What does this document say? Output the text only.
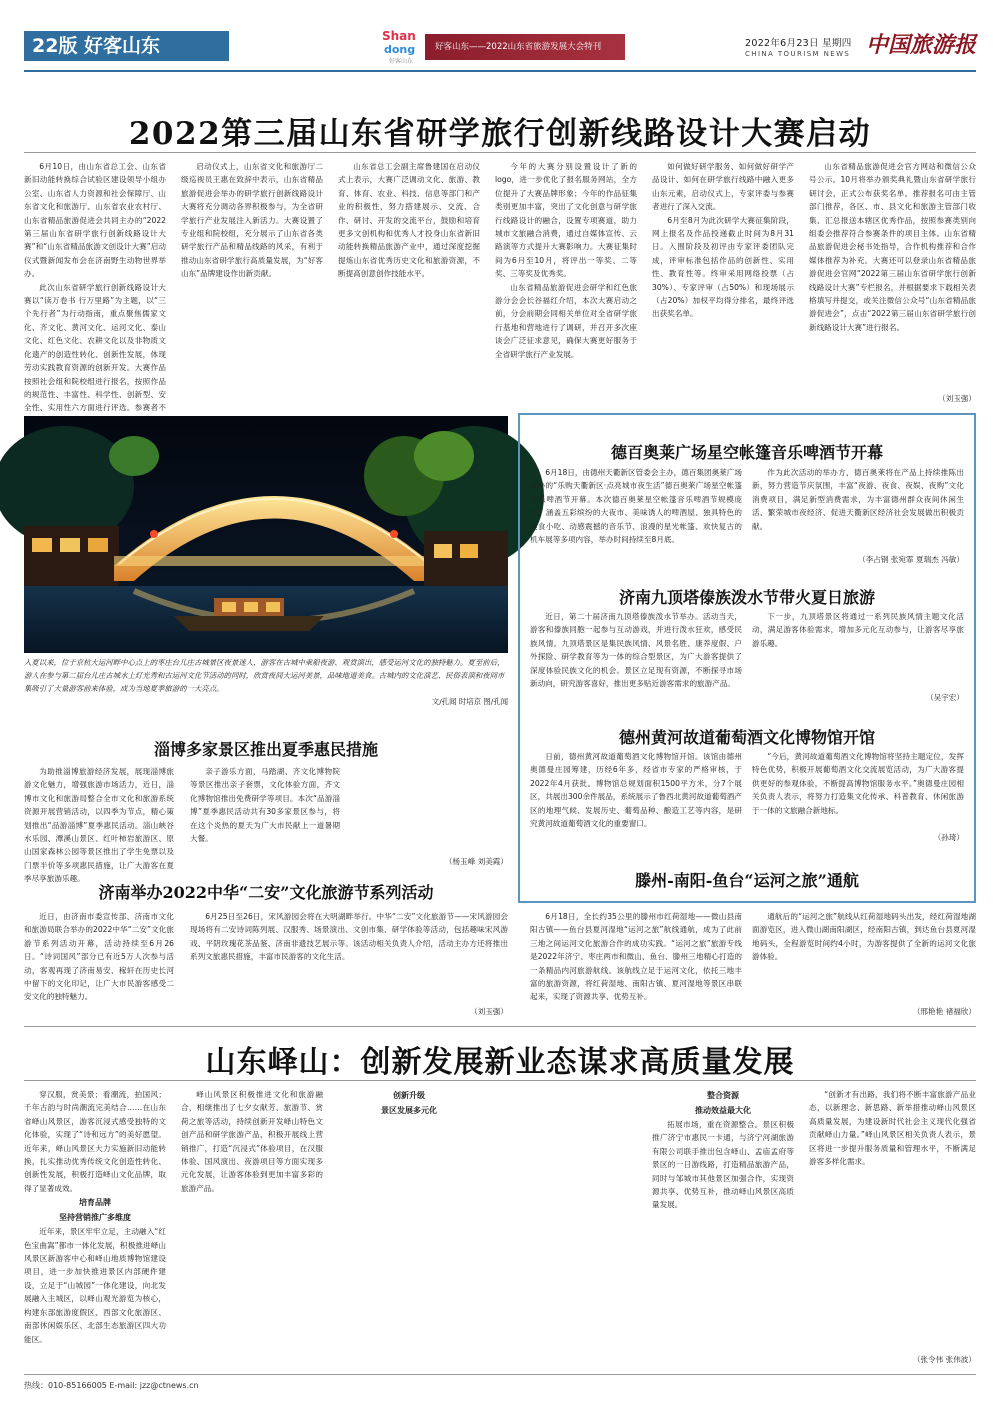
22版 好客山东	Shan
dong
好客山东
好客山东——2022山东省旅游发展大会特刊	2022年6月23日 星期四
CHINA TOURISM NEWS 中国旅游报
2022第三届山东省研学旅行创新线路设计大赛启动

6月10日，由山东省总工会、山东省新旧动能转换综合试验区建设领导小组办公室、山东省人力资源和社会保障厅、山东省文化和旅游厅、山东省农业农村厅、山东省精品旅游促进会共同主办的“2022第三届山东省研学旅行创新线路设计大赛”和“山东省精品旅游文创设计大赛”启动仪式暨新闻发布会在济南野生动物世界举办。

此次山东省研学旅行创新线路设计大赛以“读万卷书 行万里路”为主题，以“三个先行者”为行动指南，重点聚焦儒家文化、齐文化、黄河文化、运河文化、泰山文化、红色文化、农耕文化以及非物质文化遗产的创造性转化、创新性发展，体现劳动实践教育资源的创新开发。大赛作品按照社会组和院校组进行报名，按照作品的规范性、丰富性、科学性、创新型、安全性、实用性六方面进行评选。参赛者不

启动仪式上，山东省文化和旅游厅二级巡视员王惠在致辞中表示，山东省精品旅游促进会举办的研学旅行创新线路设计大赛将充分调动各界积极参与，为全省研学旅行产业发展注入新活力。大赛设置了专业组和院校组，充分展示了山东省各类研学旅行产品和精品线路的风采，有利于推动山东省研学旅行高质量发展，为“好客山东”品牌建设作出新贡献。

山东省总工会副主席鲁建国在启动仪式上表示，大赛广泛调动文化、旅游、教育、体育、农业、科技、信息等部门和产业的积极性，努力搭建展示、交流、合作、研讨、开发的交流平台，鼓励和培育更多文创机构和优秀人才投身山东省新旧动能转换精品旅游产业中，通过深度挖掘提炼山东省优秀历史文化和旅游资源，不断提高创意创作技能水平。

今年的大赛分别设置设计了新的logo，进一步优化了报名服务网站，全方位提升了大赛品牌形象；今年的作品征集类别更加丰富，突出了文化创意与研学旅行线路设计的融合，设置专项赛道，助力城市文旅融合消费，通过自媒体宣传、云路演等方式提升大赛影响力。大赛征集时间为6月至10月，将评出一等奖、二等奖、三等奖及优秀奖。

山东省精品旅游促进会研学和红色旅游分会会长谷福红介绍，本次大赛启动之前，分会前期会同相关单位对全省研学旅行基地和营地进行了调研，并召开多次座谈会广泛征求意见，确保大赛更好服务于全省研学旅行产业发展。

如何做好研学服务、如何做好研学产品设计、如何在研学旅行线路中融入更多山东元素，启动仪式上，专家评委与参赛者进行了深入交流。

6月至8月为此次研学大赛征集阶段，网上报名及作品投递截止时间为8月31日。入围阶段及初评由专家评委团队完成，评审标准包括作品的创新性、实用性、教育性等。终审采用网络投票（占30%）、专家评审（占50%）和现场展示（占20%）加权平均得分排名，最终评选出获奖名单。

山东省精品旅游促进会官方网站和微信公众号公示。10月将举办颁奖典礼暨山东省研学旅行研讨会，正式公布获奖名单。推荐报名可由主管部门推荐，各区、市、县文化和旅游主管部门收集、汇总报送本辖区优秀作品，按照参赛类别向组委会推荐符合参赛条件的项目主体。山东省精品旅游促进会秘书处指导，合作机构推荐和合作媒体推荐为补充。大赛还可以登录山东省精品旅游促进会官网“2022第三届山东省研学旅行创新线路设计大赛”专栏报名，并根据要求下载相关表格填写并提交，或关注微信公众号“山东省精品旅游促进会”，点击“2022第三届山东省研学旅行创新线路设计大赛”进行报名。

（刘玉强）
入夏以来，位于京杭大运河畔中心点上的枣庄台儿庄古城景区夜景迷人，游客在古城中乘船夜游、观赏演出，感受运河文化的独特魅力。夏至前后，游人在参与第二届台儿庄古城水上灯光秀和古运河文化节活动的同时，欣赏夜间大运河美景，品味地道美食。古城内的文化演艺、民俗表演和夜间市集吸引了大量游客前来体验，成为当地夏季旅游的一大亮点。
文/孔闻 时培京 图/孔闻
德百奥莱广场星空帐篷音乐啤酒节开幕

6月18日，由德州天衢新区管委会主办，德百集团奥莱广场承办的“乐购天衢新区·点亮城市夜生活”德百奥莱广场星空帐篷音乐啤酒节开幕。本次德百奥莱星空帐篷音乐啤酒节规模庞大，涵盖五彩缤纷的大夜市、美味诱人的啤酒屋、独具特色的美食小吃、动感震撼的音乐节、浪漫的星光帐篷、欢快复古的机车展等多项内容，举办时间持续至8月底。

作为此次活动的举办方，德百奥莱将在产品上持续推陈出新，努力营造节庆氛围，丰富“夜游、夜食、夜娱、夜购”文化消费项目，满足新型消费需求，为丰富德州群众夜间休闲生活、繁荣城市夜经济、促进天衢新区经济社会发展做出积极贡献。

（李占钢 张宛霏 夏瑞杰 冯敏）
济南九顶塔傣族泼水节带火夏日旅游

近日，第二十届济南九顶塔傣族泼水节举办。活动当天，游客和傣族同胞一起参与互动游戏，并进行泼水狂欢，感受民族风情。九顶塔景区是集民族风情、风景名胜、康养度假、户外探险、研学教育等为一体的综合型景区，为广大游客提供了深度体验民族文化的机会。景区立足现有资源，不断探寻市场新动向，研究游客喜好，推出更多贴近游客需求的旅游产品。

下一步，九顶塔景区将通过一系列民族风情主题文化活动，满足游客体验需求，增加多元化互动参与，让游客尽享旅游乐趣。

（吴宇宏）
德州黄河故道葡萄酒文化博物馆开馆

日前，德州黄河故道葡萄酒文化博物馆开馆。该馆由德州奥德曼庄园筹建，历经6年多，经省市专家的严格审核，于2022年4月获批。博物馆总规划面积1500平方米，分7个展区，共展出300余件展品，系统展示了鲁西北黄河故道葡萄酒产区的地理气候、发展历史、葡萄品种、酿造工艺等内容，是研究黄河故道葡萄酒文化的重要窗口。

“今后，黄河故道葡萄酒文化博物馆将坚持主题定位，发挥特色优势，积极开展葡萄酒文化交流展览活动，为广大游客提供更好的参观体验，不断提高博物馆服务水平。”奥德曼庄园相关负责人表示，将努力打造集文化传承、科普教育、休闲旅游于一体的文旅融合新地标。

（孙琦）
滕州-南阳-鱼台“运河之旅”通航

6月18日，全长约35公里的滕州市红荷湿地——微山县南阳古镇——鱼台县夏河湿地“运河之旅”航线通航，成为了此前三地之间运河文化旅游合作的成功实践。“运河之旅”旅游专线是2022年济宁、枣庄两市和微山、鱼台、滕州三地精心打造的一条精品内河旅游航线。该航线立足于运河文化，依托三地丰富的旅游资源，将红荷湿地、南阳古镇、夏河湿地等景区串联起来，实现了资源共享、优势互补。

通航后的“运河之旅”航线从红荷湿地码头出发，经红荷湿地湖面游览区，进入微山湖南阳湖区，经南阳古镇，到达鱼台县夏河湿地码头，全程游览时间约4小时，为游客提供了全新的运河文化旅游体验。

（邢艳艳 褚福欣）
淄博多家景区推出夏季惠民措施

为助推淄博旅游经济发展，展现淄博旅游文化魅力，增强旅游市场活力，近日，淄博市文化和旅游局整合全市文化和旅游系统资源开展营销活动，以四季为节点，精心策划推出“品游淄博”夏季惠民活动。淄山峡谷水乐园、潭溪山景区、红叶柿岩旅游区、原山国家森林公园等景区推出了学生免票以及门票半价等多项惠民措施，让广大游客在夏季尽享旅游乐趣。

亲子游乐方面，马踏湖、齐文化博物院等景区推出亲子套票，文化体验方面，齐文化博物馆推出免费研学等项目。本次“品游淄博”夏季惠民活动共有30多家景区参与，将在这个炎热的夏天为广大市民献上一道暑期大餐。

（杨玉峰 刘美霞）
济南举办2022中华“二安”文化旅游节系列活动

近日，由济南市委宣传部、济南市文化和旅游局联合举办的2022中华“二安”文化旅游节系列活动开幕，活动持续至6月26日。“诗词国风”部分已有近5万人次参与活动，客观再现了济南易安、稼轩在历史长河中留下的文化印记，让广大市民游客感受二安文化的独特魅力。

6月25日至26日，宋风游园会将在大明湖畔举行。中华“二安”文化旅游节——宋风游园会现场将有二安诗词陈列展、汉服秀、场景演出、文创市集、研学体验等活动，包括趣味宋风游戏、平阴玫瑰花茶品鉴、济南非遗技艺展示等。该活动相关负责人介绍，活动主办方还将推出系列文旅惠民措施，丰富市民游客的文化生活。

（刘玉强）
山东峄山：创新发展新业态谋求高质量发展

穿汉服，赏美景；看潮流，拍国风；千年古韵与时尚潮流完美结合……在山东省峄山风景区，游客沉浸式感受独特的文化体验，实现了“诗和远方”的美好愿望。近年来，峄山风景区大力实施新旧动能转换，扎实推动优秀传统文化创造性转化、创新性发展，积极打造峄山文化品牌，取得了显著成效。

培育品牌
坚持营销推广多维度

近年来，景区牢牢立足，主动融入“红色宝曲嵩”都市一体化发展，积极推进峄山风景区新游客中心和峄山地质博物馆建设项目，进一步加快推进景区内部硬件建设，立足于“山城园”一体化建设，向北发展融入主城区，以峄山观光游览为核心，构建东部旅游度假区、西部文化旅游区、南部休闲娱乐区、北部生态旅游区四大功能区。

峄山风景区积极推进文化和旅游融合，相继推出了七夕女献芳、旅游节、赏荷之旅等活动，持续创新开发峄山特色文创产品和研学旅游产品，积极开展线上营销推广，打造“沉浸式”体验项目，在汉服体验、国风演出、夜游项目等方面实现多元化发展，让游客体验到更加丰富多彩的旅游产品。

创新升级
景区发展多元化
整合资源
推动效益最大化

拓展市场，重在资源整合。景区积极推广济宁市惠民一卡通，与济宁河湖旅游有限公司联手推出包含峄山、孟庙孟府等景区的一日游线路，打造精品旅游产品，同时与邹城市其他景区加强合作，实现资源共享、优势互补，推动峄山风景区高质量发展。

“创新才有出路，我们将不断丰富旅游产品业态，以新理念、新思路、新举措推动峄山风景区高质量发展，为建设新时代社会主义现代化强省贡献峄山力量。”峄山风景区相关负责人表示，景区将进一步提升服务质量和管理水平，不断满足游客多样化需求。

（张令伟 张伟波）
热线：010-85166005 E-mail: jzz@ctnews.cn
